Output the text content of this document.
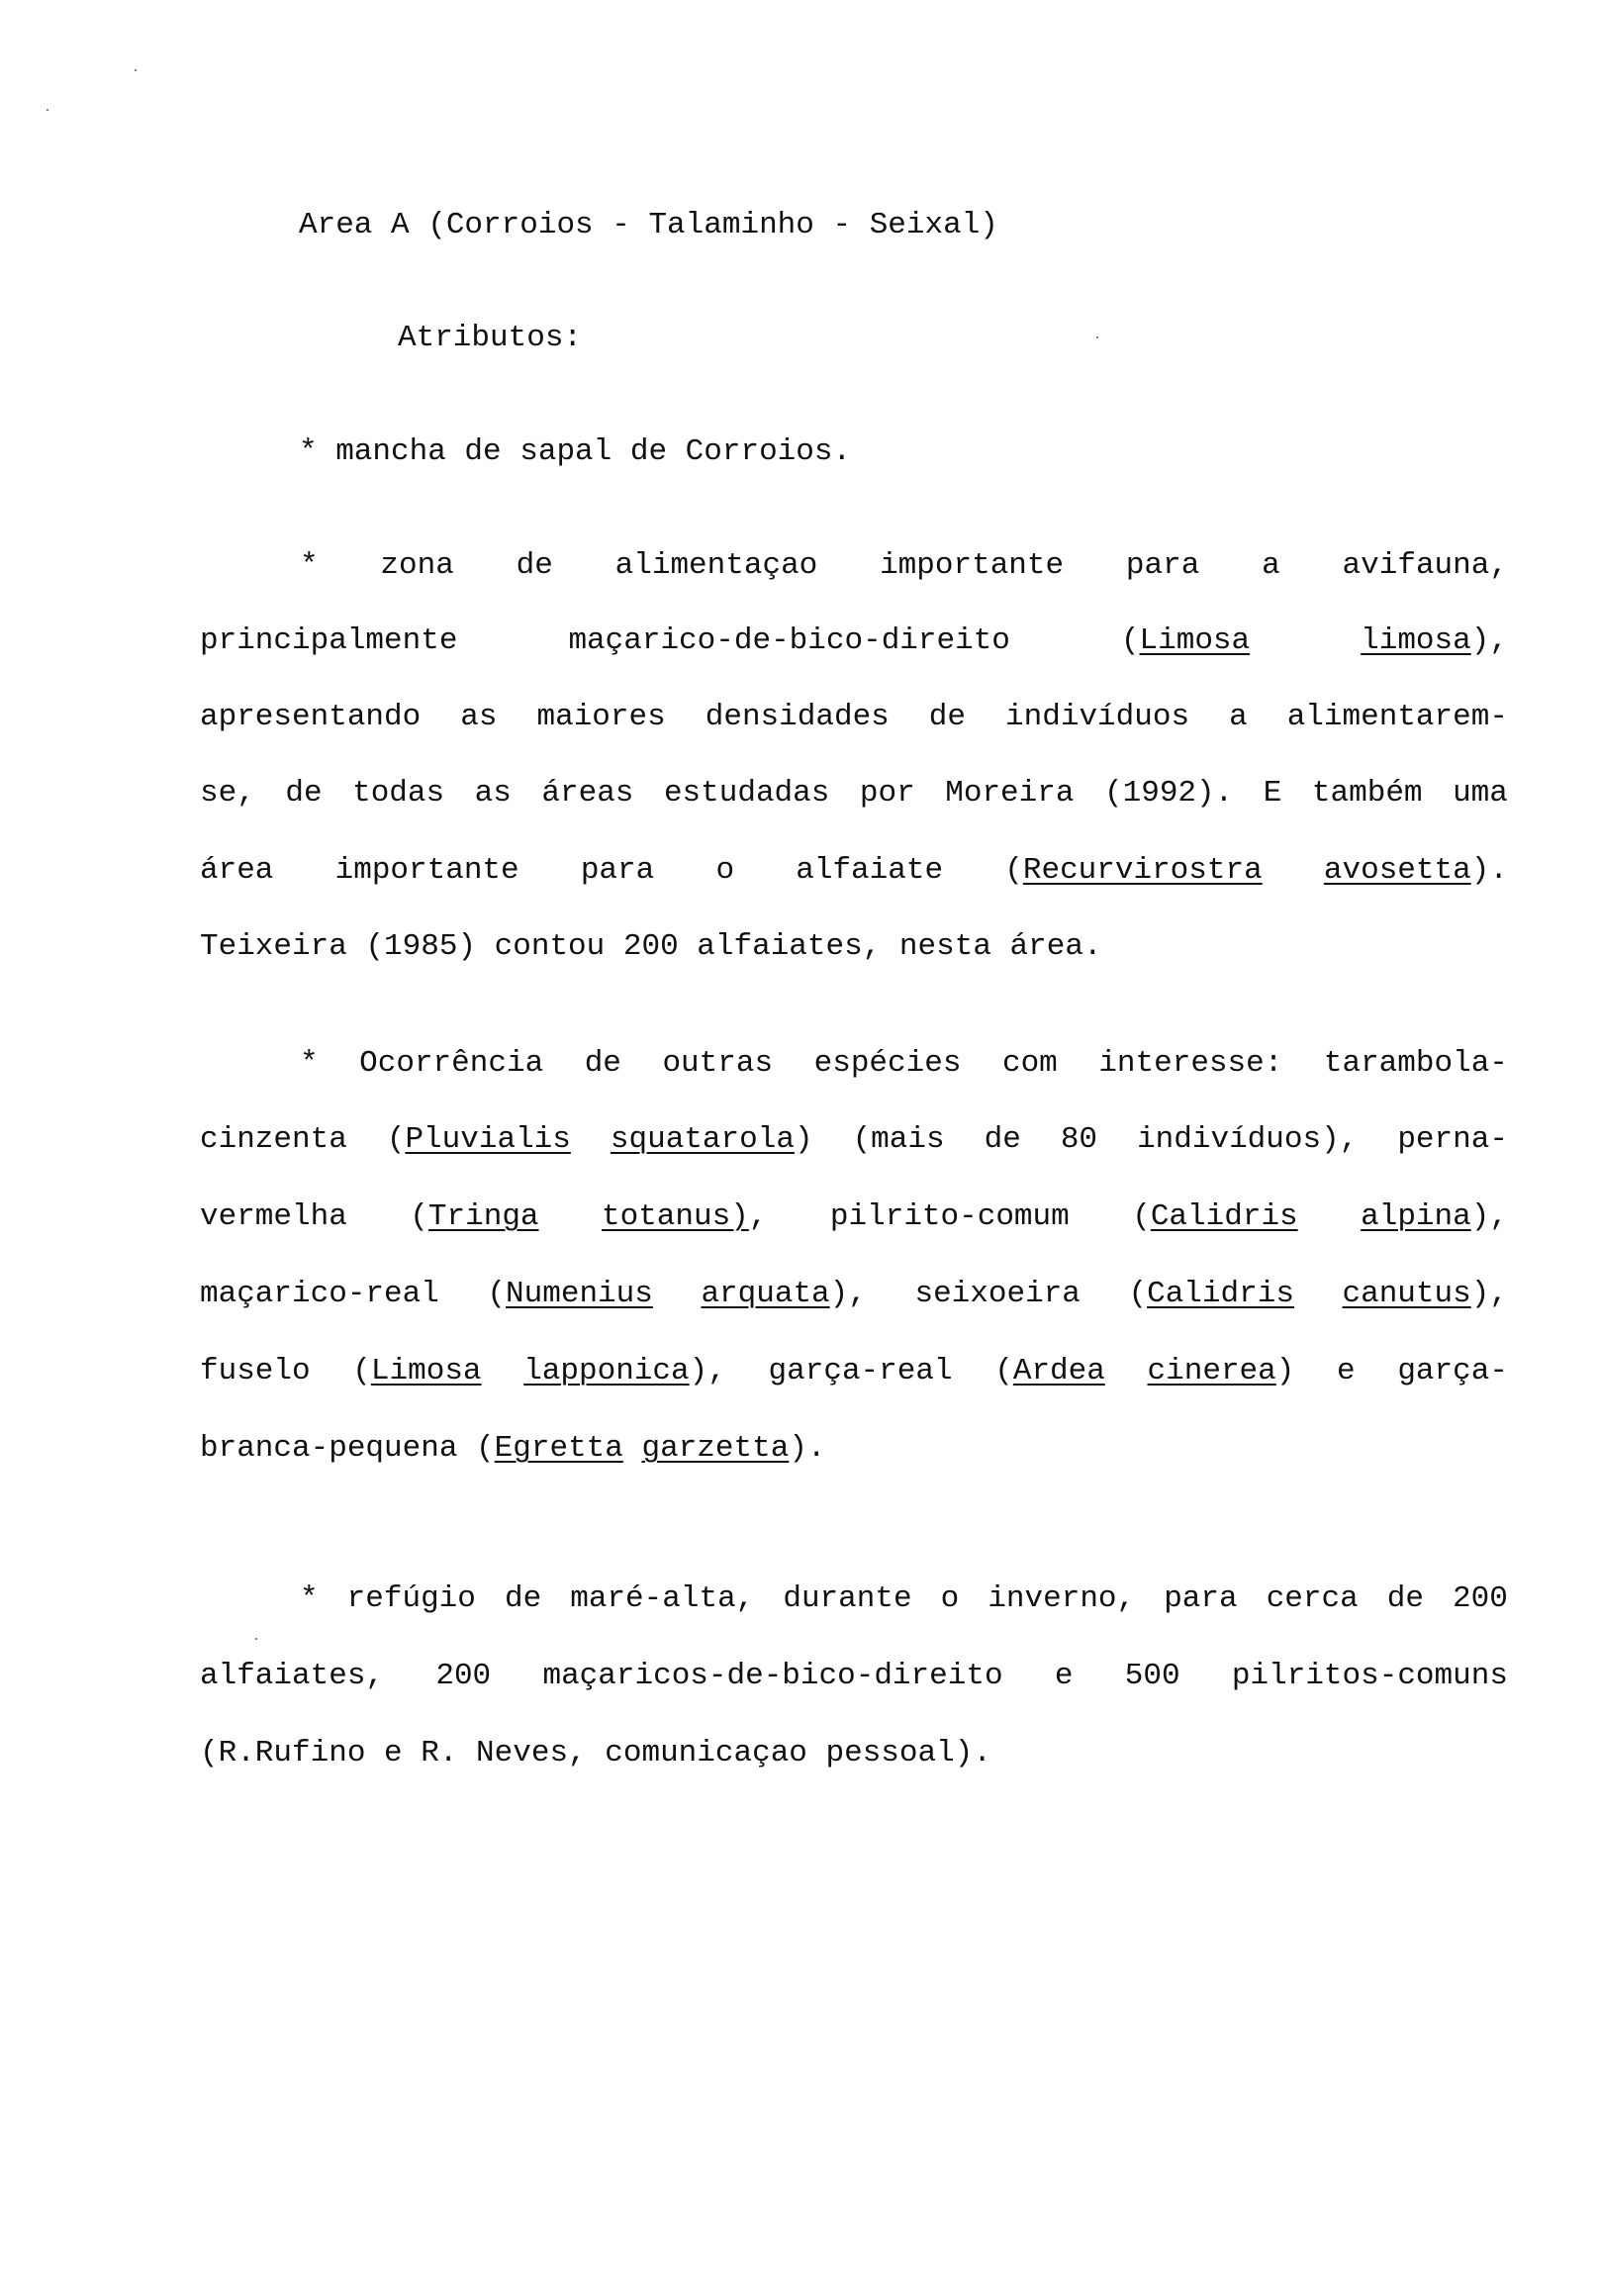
Area A (Corroios - Talaminho - Seixal)
Atributos:
* mancha de sapal de Corroios.
* zona de alimentaçao importante para a avifauna,
principalmente	maçarico-de-bico-direito	(Limosa	limosa),
apresentando as maiores densidades de indivíduos a alimentarem-
se, de todas as áreas estudadas por Moreira (1992). E também uma
área importante para o alfaiate (Recurvirostra avosetta).
Teixeira (1985) contou 200 alfaiates, nesta área.
* Ocorrência de outras espécies com interesse: tarambola-
cinzenta (Pluvialis squatarola) (mais de 80 indivíduos), perna-
vermelha (Tringa totanus), pilrito-comum (Calidris alpina),
maçarico-real (Numenius arquata), seixoeira (Calidris canutus),
fuselo (Limosa lapponica), garça-real (Ardea cinerea) e garça-
branca-pequena (Egretta garzetta).
* refúgio de maré-alta, durante o inverno, para cerca de 200
alfaiates, 200 maçaricos-de-bico-direito e 500 pilritos-comuns
(R.Rufino e R. Neves, comunicaçao pessoal).
